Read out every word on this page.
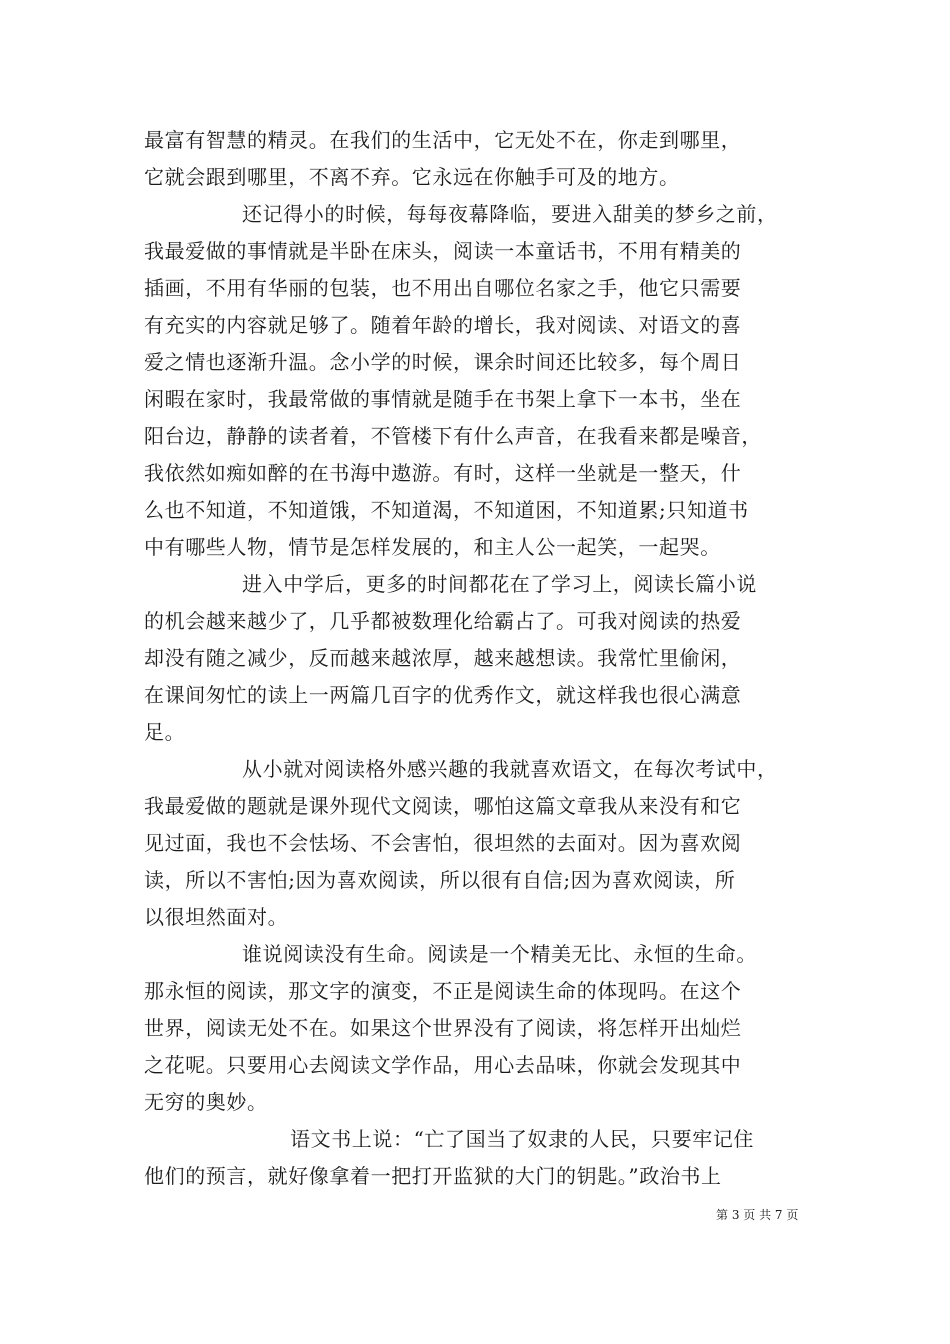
最富有智慧的精灵。在我们的生活中，它无处不在，你走到哪里，
它就会跟到哪里，不离不弃。它永远在你触手可及的地方。
还记得小的时候，每每夜幕降临，要进入甜美的梦乡之前，
我最爱做的事情就是半卧在床头，阅读一本童话书，不用有精美的
插画，不用有华丽的包装，也不用出自哪位名家之手，他它只需要
有充实的内容就足够了。随着年龄的增长，我对阅读、对语文的喜
爱之情也逐渐升温。念小学的时候，课余时间还比较多，每个周日
闲暇在家时，我最常做的事情就是随手在书架上拿下一本书，坐在
阳台边，静静的读者着，不管楼下有什么声音，在我看来都是噪音，
我依然如痴如醉的在书海中遨游。有时，这样一坐就是一整天，什
么也不知道，不知道饿，不知道渴，不知道困，不知道累;只知道书
中有哪些人物，情节是怎样发展的，和主人公一起笑，一起哭。
进入中学后，更多的时间都花在了学习上，阅读长篇小说
的机会越来越少了，几乎都被数理化给霸占了。可我对阅读的热爱
却没有随之减少，反而越来越浓厚，越来越想读。我常忙里偷闲，
在课间匆忙的读上一两篇几百字的优秀作文，就这样我也很心满意
足。
从小就对阅读格外感兴趣的我就喜欢语文，在每次考试中，
我最爱做的题就是课外现代文阅读，哪怕这篇文章我从来没有和它
见过面，我也不会怯场、不会害怕，很坦然的去面对。因为喜欢阅
读，所以不害怕;因为喜欢阅读，所以很有自信;因为喜欢阅读，所
以很坦然面对。
谁说阅读没有生命。阅读是一个精美无比、永恒的生命。
那永恒的阅读，那文字的演变，不正是阅读生命的体现吗。在这个
世界，阅读无处不在。如果这个世界没有了阅读，将怎样开出灿烂
之花呢。只要用心去阅读文学作品，用心去品味，你就会发现其中
无穷的奥妙。
语文书上说：“亡了国当了奴隶的人民，只要牢记住
他们的预言，就好像拿着一把打开监狱的大门的钥匙。”政治书上
第 3 页 共 7 页
